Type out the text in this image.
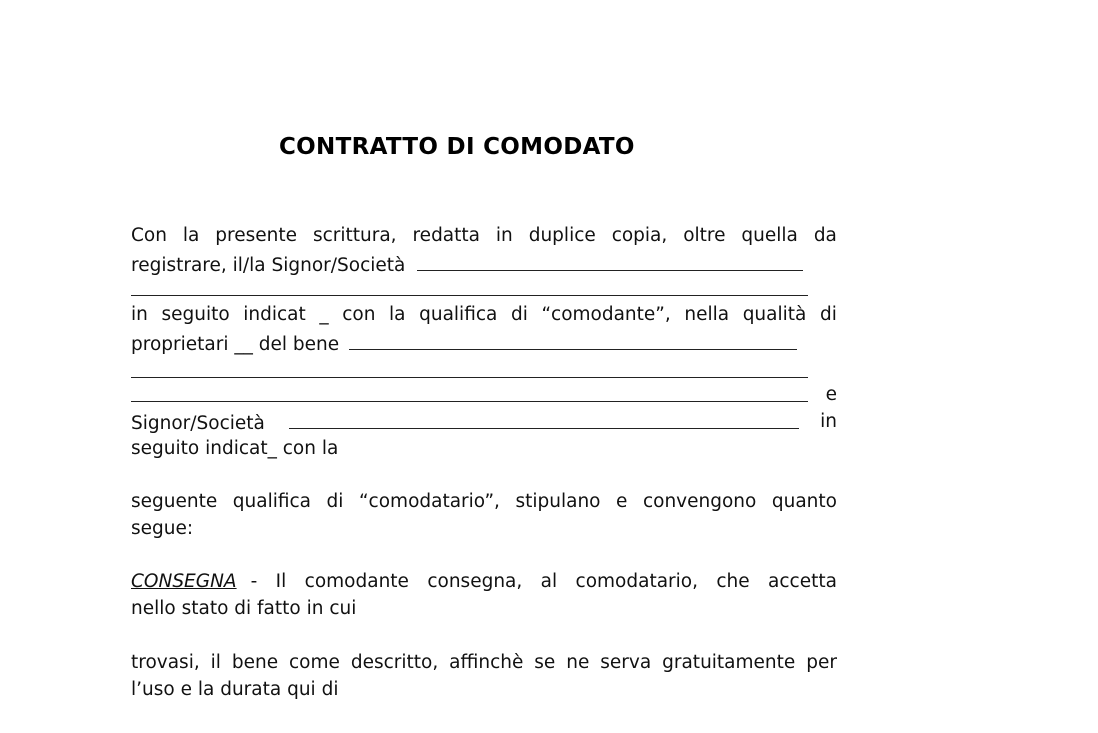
CONTRATTO DI COMODATO
Con la presente scrittura, redatta in duplice copia, oltre quella da
registrare, il/la Signor/Società
in seguito indicat _ con la qualifica di “comodante”, nella qualità di
proprietari __ del bene
e
Signor/Società	in
seguito indicat_ con la
seguente qualifica di “comodatario”, stipulano e convengono quanto
segue:
CONSEGNA - Il comodante consegna, al comodatario, che accetta
nello stato di fatto in cui
trovasi, il bene come descritto, affinchè se ne serva gratuitamente per
l’uso e la durata qui di
